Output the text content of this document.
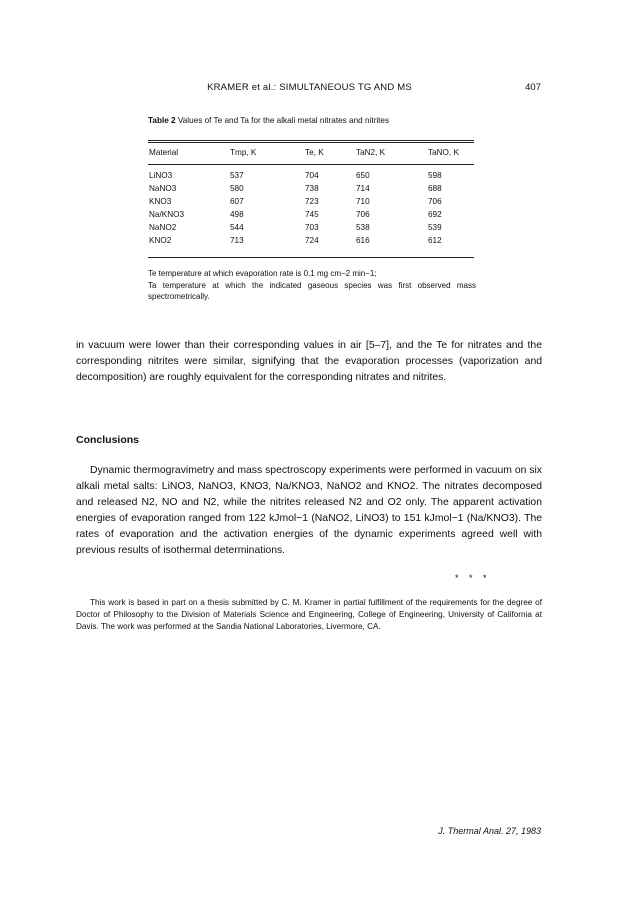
KRAMER et al.: SIMULTANEOUS TG AND MS	407
Table 2 Values of Te and Ta for the alkali metal nitrates and nitrites
Material	Tmp, K	Te, K	TaN2, K	TaNO, K
LiNO3	537	704	650	598
NaNO3	580	738	714	688
KNO3	607	723	710	706
Na/KNO3	498	745	706	692
NaNO2	544	703	538	539
KNO2	713	724	616	612
Te temperature at which evaporation rate is 0.1 mg cm−2 min−1;
Ta temperature at which the indicated gaseous species was first observed mass spectrometrically.
in vacuum were lower than their corresponding values in air [5–7], and the Te for nitrates and the corresponding nitrites were similar, signifying that the evaporation processes (vaporization and decomposition) are roughly equivalent for the corresponding nitrates and nitrites.
Conclusions
Dynamic thermogravimetry and mass spectroscopy experiments were performed in vacuum on six alkali metal salts: LiNO3, NaNO3, KNO3, Na/KNO3, NaNO2 and KNO2. The nitrates decomposed and released N2, NO and N2, while the nitrites released N2 and O2 only. The apparent activation energies of evaporation ranged from 122 kJmol−1 (NaNO2, LiNO3) to 151 kJmol−1 (Na/KNO3). The rates of evaporation and the activation energies of the dynamic experiments agreed well with previous results of isothermal determinations.
* * *
This work is based in part on a thesis submitted by C. M. Kramer in partial fulfillment of the requirements for the degree of Doctor of Philosophy to the Division of Materials Science and Engineering, College of Engineering, University of California at Davis. The work was performed at the Sandia National Laboratories, Livermore, CA.
J. Thermal Anal. 27, 1983
